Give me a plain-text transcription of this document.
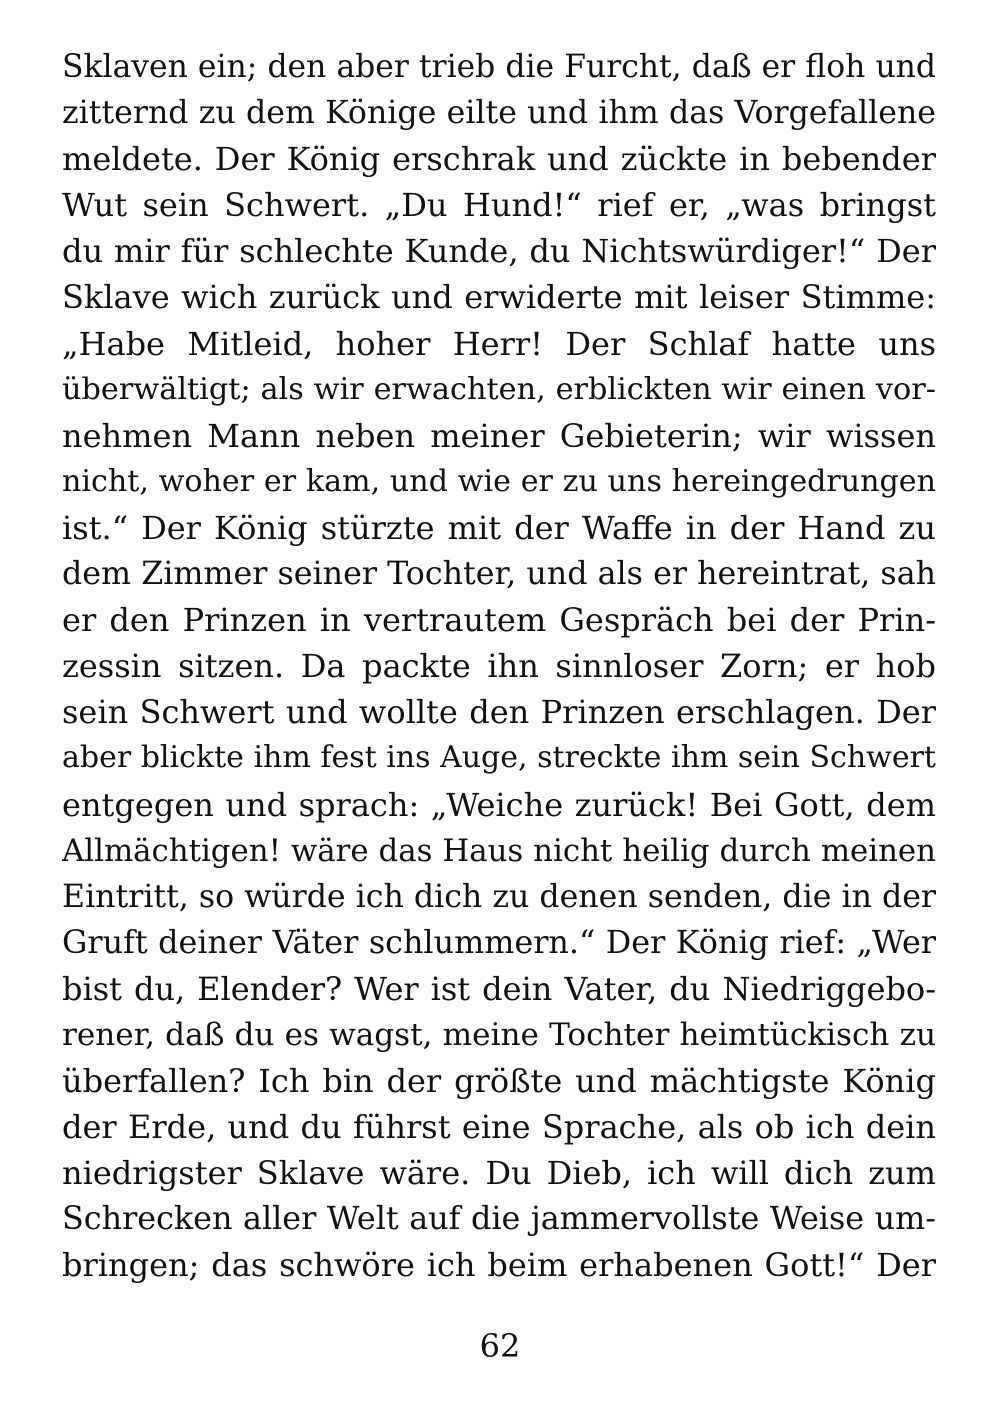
Sklaven ein; den aber trieb die Furcht, daß er floh und
zitternd zu dem Könige eilte und ihm das Vorgefallene
meldete. Der König erschrak und zückte in bebender
Wut sein Schwert. „Du Hund!“ rief er, „was bringst
du mir für schlechte Kunde, du Nichtswürdiger!“ Der
Sklave wich zurück und erwiderte mit leiser Stimme:
„Habe Mitleid, hoher Herr! Der Schlaf hatte uns
überwältigt; als wir erwachten, erblickten wir einen vor-
nehmen Mann neben meiner Gebieterin; wir wissen
nicht, woher er kam, und wie er zu uns hereingedrungen
ist.“ Der König stürzte mit der Waffe in der Hand zu
dem Zimmer seiner Tochter, und als er hereintrat, sah
er den Prinzen in vertrautem Gespräch bei der Prin-
zessin sitzen. Da packte ihn sinnloser Zorn; er hob
sein Schwert und wollte den Prinzen erschlagen. Der
aber blickte ihm fest ins Auge, streckte ihm sein Schwert
entgegen und sprach: „Weiche zurück! Bei Gott, dem
Allmächtigen! wäre das Haus nicht heilig durch meinen
Eintritt, so würde ich dich zu denen senden, die in der
Gruft deiner Väter schlummern.“ Der König rief: „Wer
bist du, Elender? Wer ist dein Vater, du Niedriggebo-
rener, daß du es wagst, meine Tochter heimtückisch zu
überfallen? Ich bin der größte und mächtigste König
der Erde, und du führst eine Sprache, als ob ich dein
niedrigster Sklave wäre. Du Dieb, ich will dich zum
Schrecken aller Welt auf die jammervollste Weise um-
bringen; das schwöre ich beim erhabenen Gott!“ Der
62
